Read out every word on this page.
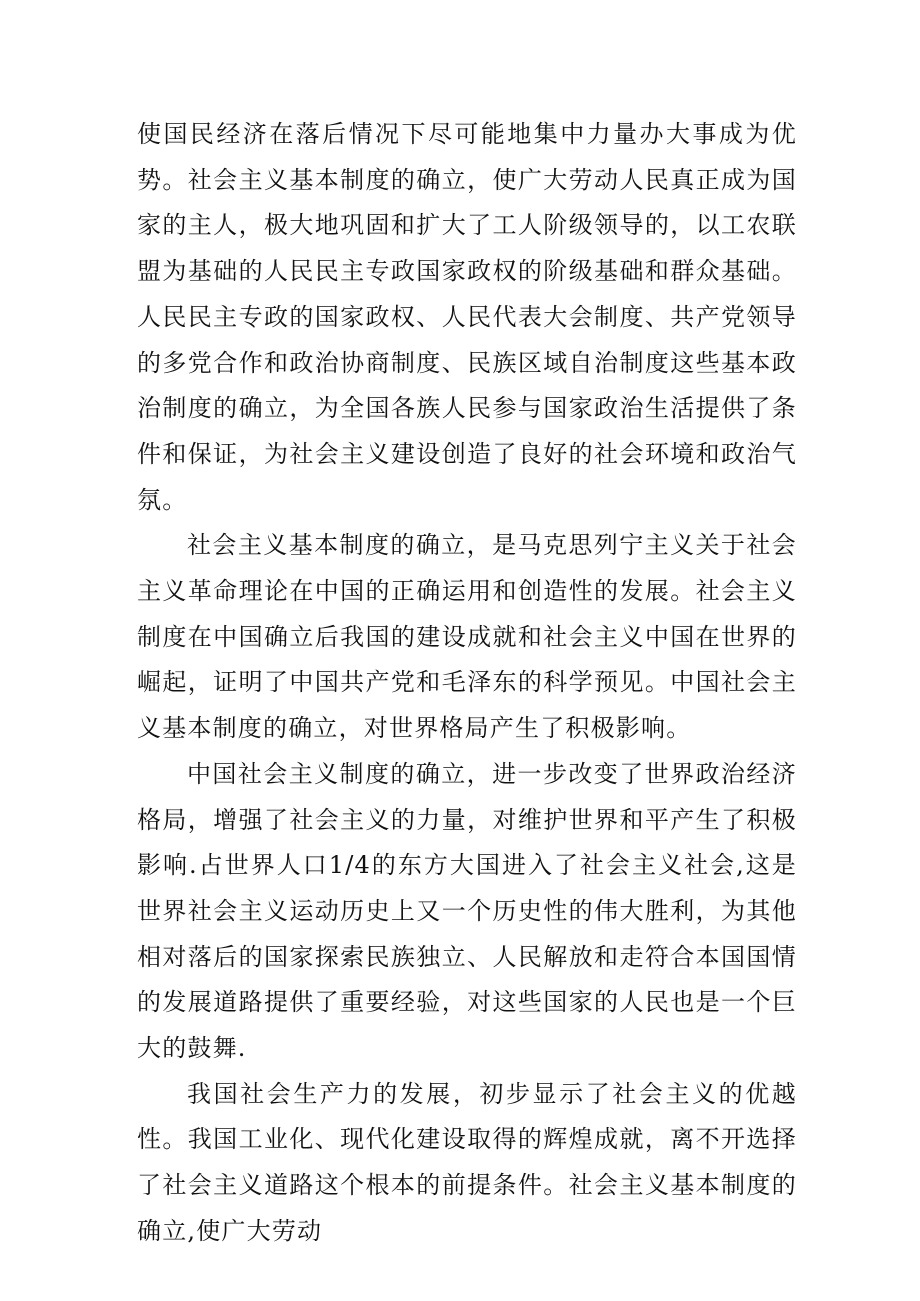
使国民经济在落后情况下尽可能地集中力量办大事成为优势。社会主义基本制度的确立，使广大劳动人民真正成为国家的主人，极大地巩固和扩大了工人阶级领导的，以工农联盟为基础的人民民主专政国家政权的阶级基础和群众基础。人民民主专政的国家政权、人民代表大会制度、共产党领导的多党合作和政治协商制度、民族区域自治制度这些基本政治制度的确立，为全国各族人民参与国家政治生活提供了条件和保证，为社会主义建设创造了良好的社会环境和政治气氛。

社会主义基本制度的确立，是马克思列宁主义关于社会主义革命理论在中国的正确运用和创造性的发展。社会主义制度在中国确立后我国的建设成就和社会主义中国在世界的崛起，证明了中国共产党和毛泽东的科学预见。中国社会主义基本制度的确立，对世界格局产生了积极影响。

中国社会主义制度的确立，进一步改变了世界政治经济格局，增强了社会主义的力量，对维护世界和平产生了积极影响.占世界人口1/4的东方大国进入了社会主义社会,这是世界社会主义运动历史上又一个历史性的伟大胜利，为其他相对落后的国家探索民族独立、人民解放和走符合本国国情的发展道路提供了重要经验，对这些国家的人民也是一个巨大的鼓舞.

我国社会生产力的发展，初步显示了社会主义的优越性。我国工业化、现代化建设取得的辉煌成就，离不开选择了社会主义道路这个根本的前提条件。社会主义基本制度的确立,使广大劳动
